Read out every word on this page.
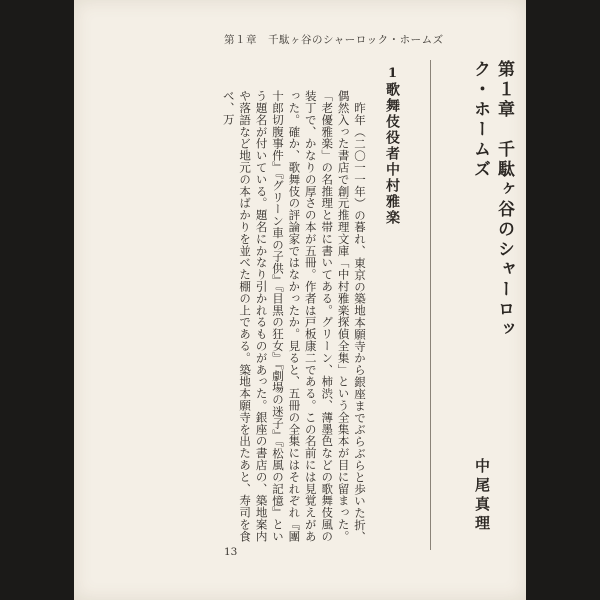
第１章　千駄ヶ谷のシャーロック・ホームズ
第１章　千駄ヶ谷のシャーロック・ホームズ
中尾真理
1
歌舞伎役者中村雅楽

昨年（二〇一一年）の暮れ、東京の築地本願寺から銀座までぶらぶらと歩いた折、偶然入った書店で創元推理文庫「中村雅楽探偵全集」という全集本が目に留まった。「老優雅楽」の名推理と帯に書いてある。グリーン、柿渋、薄墨色などの歌舞伎風の装丁で、かなりの厚さの本が五冊。作者は戸板康二である。この名前には見覚えがあった。確か、歌舞伎の評論家ではなかったか。見ると、五冊の全集にはそれぞれ『團十郎切腹事件』『グリーン車の子供』『目黒の狂女』『劇場の迷子』『松風の記憶』という題名が付いている。題名にかなり引かれるものがあった。銀座の書店の、築地案内や落語など地元の本ばかりを並べた棚の上である。築地本願寺を出たあと、寿司を食べ、万

13
